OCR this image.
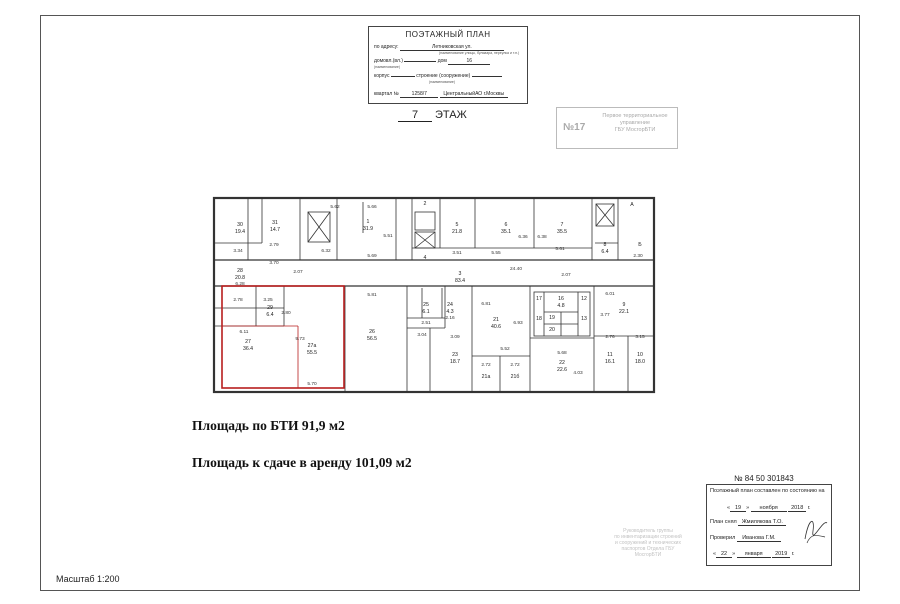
ПОЭТАЖНЫЙ ПЛАН
по адресу:	Летниковская ул.
(наименование улицы, бульвара, переулка и т.п.)
домовл.(вл.)	дом	16
(наименование)
корпус	строение (сооружение)
(наименование)
квартал №	1258/7	ЦентральныйАО г.Москвы
7 ЭТАЖ
№17
Первое территориальное
управление
ГБУ МосгорБТИ
30
19.4
31
14.7
1
31.9
2
4
5
21.8
6
35.1
7
35.5
8
6.4
А
Б
3
83.4
28
20.8
29
6.4
26
56.5
25
6.1
24
4.3
21
40.6
16
4.8	9
22.1
27
36.4	27а
55.5
22
22.6
23
18.7
11
16.1
10
18.0
17	12
18	13
19
20
21а	21б
5.62	5.66
3.34
2.79
6.32
5.51
5.69
5.55
6.36 6.38
5.61
3.51
24.40
2.07
2.07
3.70
6.28
2.78	3.25
5.81
2.51
2.16
6.81
6.93
6.01
3.77
6.11
9.73
3.04	3.09
5.52
2.72	2.72
5.68
4.03
2.76	3.15
5.70
2.30
2.80
Площадь по БТИ 91,9 м2
Площадь к сдаче в аренду 101,09 м2
№ 84 50 301843
Поэтажный план составлен по состоянию на
« 19 » ноября 2018 г.
План снял Жмилякова Т.О.
Проверил Иванова Г.М.
« 22 » января 2019 г.
Руководитель группы
по инвентаризации строений
и сооружений и технических
паспортов Отдела ГБУ
МосгорБТИ
Масштаб 1:200
